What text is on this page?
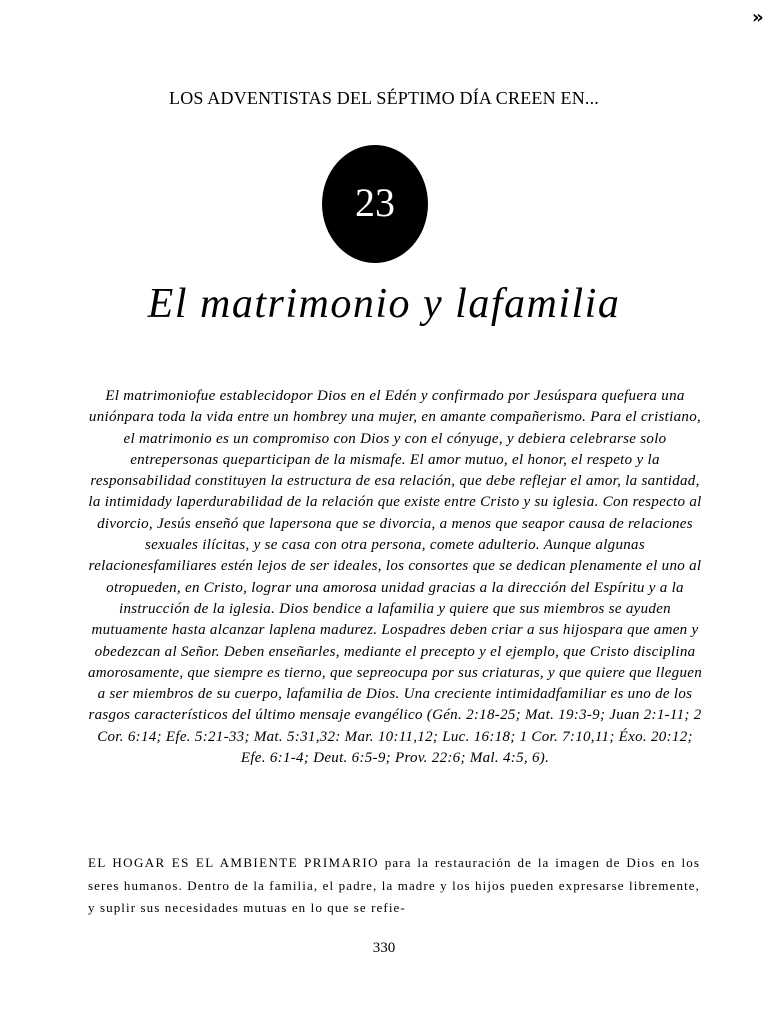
»
LOS ADVENTISTAS DEL SÉPTIMO DÍA CREEN EN...
23
El matrimonio y lafamilia

El matrimoniofue establecidopor Dios en el Edén y confirmado por Jesúspara quefuera una uniónpara toda la vida entre un hombrey una mujer, en amante compañerismo. Para el cristiano, el matrimonio es un compromiso con Dios y con el cónyuge, y debiera celebrarse solo entrepersonas queparticipan de la mismafe. El amor mutuo, el honor, el respeto y la responsabilidad constituyen la estructura de esa relación, que debe reflejar el amor, la santidad, la intimidady laperdurabilidad de la relación que existe entre Cristo y su iglesia. Con respecto al divorcio, Jesús enseñó que lapersona que se divorcia, a menos que seapor causa de relaciones sexuales ilícitas, y se casa con otra persona, comete adulterio. Aunque algunas relacionesfamiliares estén lejos de ser ideales, los consortes que se dedican plenamente el uno al otropueden, en Cristo, lograr una amorosa unidad gracias a la dirección del Espíritu y a la instrucción de la iglesia. Dios bendice a lafamilia y quiere que sus miembros se ayuden mutuamente hasta alcanzar laplena madurez. Lospadres deben criar a sus hijospara que amen y obedezcan al Señor. Deben enseñarles, mediante el precepto y el ejemplo, que Cristo disciplina amorosamente, que siempre es tierno, que sepreocupa por sus criaturas, y que quiere que lleguen a ser miembros de su cuerpo, lafamilia de Dios. Una creciente intimidadfamiliar es uno de los rasgos característicos del último mensaje evangélico (Gén. 2:18-25; Mat. 19:3-9; Juan 2:1-11; 2 Cor. 6:14; Efe. 5:21-33; Mat. 5:31,32: Mar. 10:11,12; Luc. 16:18; 1 Cor. 7:10,11; Éxo. 20:12; Efe. 6:1-4; Deut. 6:5-9; Prov. 22:6; Mal. 4:5, 6).

EL HOGAR ES EL AMBIENTE PRIMARIO para la restauración de la imagen de Dios en los seres humanos. Dentro de la familia, el padre, la madre y los hijos pueden expresarse libremente, y suplir sus necesidades mutuas en lo que se refie-

330
